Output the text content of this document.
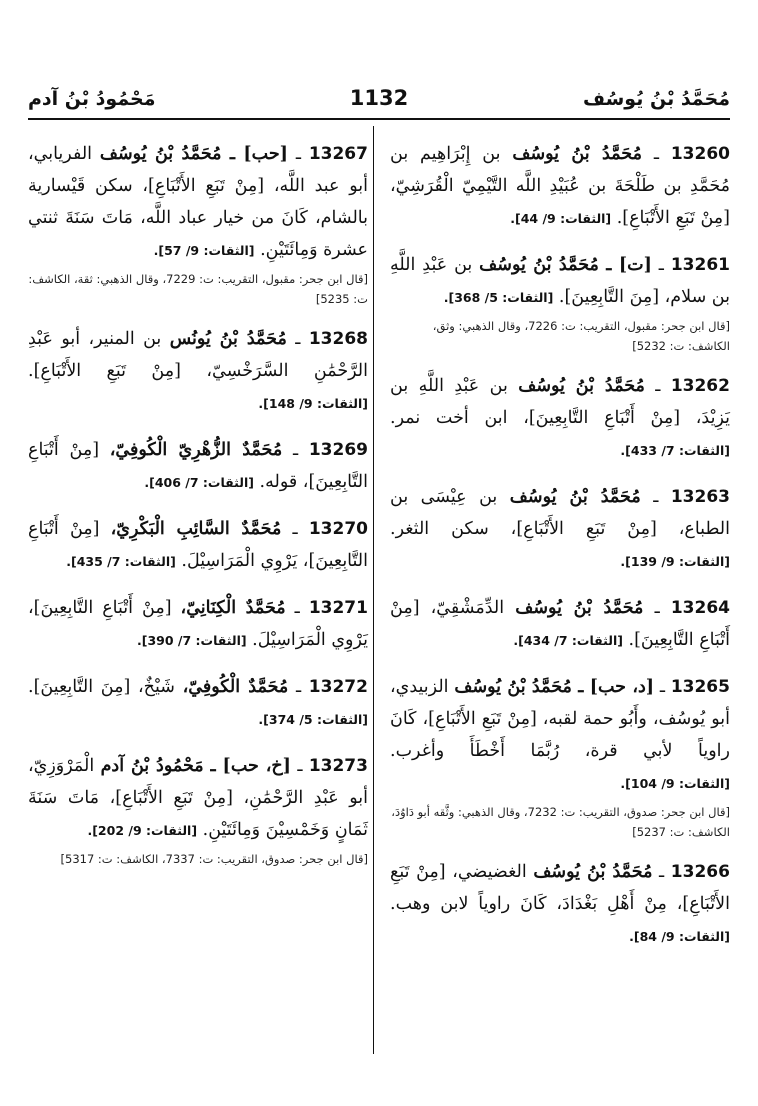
مُحَمَّدُ بْنُ يُوسُف
1132
مَحْمُودُ بْنُ آدم
13260 ـ مُحَمَّدُ بْنُ يُوسُف بن إِبْرَاهِيم بن مُحَمَّدِ بن طَلْحَةَ بن عُبَيْدِ اللَّه التَّيْمِيّ الْقُرَشِيّ، [مِنْ تَبَعِ الأَتْبَاعِ]. [الثقات: 9/ 44].
13261 ـ [ت] ـ مُحَمَّدُ بْنُ يُوسُف بن عَبْدِ اللَّهِ بن سلام، [مِنَ التَّابِعِينَ]. [الثقات: 5/ 368].
[قال ابن جحر: مقبول، التقريب: ت: 7226، وقال الذهبي: وثق، الكاشف: ت: 5232]
13262 ـ مُحَمَّدُ بْنُ يُوسُف بن عَبْدِ اللَّهِ بن يَزِيْدَ، [مِنْ أَتْبَاعِ التَّابِعِينَ]، ابن أخت نمر. [الثقات: 7/ 433].
13263 ـ مُحَمَّدُ بْنُ يُوسُف بن عِيْسَى بن الطباع، [مِنْ تَبَعِ الأَتْبَاعِ]، سكن الثغر. [الثقات: 9/ 139].
13264 ـ مُحَمَّدُ بْنُ يُوسُف الدِّمَشْقِيّ، [مِنْ أَتْبَاعِ التَّابِعِينَ]. [الثقات: 7/ 434].
13265 ـ [د، حب] ـ مُحَمَّدُ بْنُ يُوسُف الزبيدي، أبو يُوسُف، وأَبُو حمة لقبه، [مِنْ تَبَعِ الأَتْبَاعِ]، كَانَ راوياً لأبي قرة، رُبَّمَا أَخْطَأَ وأغرب. [الثقات: 9/ 104].
[قال ابن جحر: صدوق، التقريب: ت: 7232، وقال الذهبي: وثَّقه أبو دَاوُدَ، الكاشف: ت: 5237]
13266 ـ مُحَمَّدُ بْنُ يُوسُف الغضيضي، [مِنْ تَبَعِ الأَتْبَاعِ]، مِنْ أَهْلِ بَغْدَادَ، كَانَ راوياً لابن وهب. [الثقات: 9/ 84].
13267 ـ [حب] ـ مُحَمَّدُ بْنُ يُوسُف الفريابي، أبو عبد اللَّه، [مِنْ تَبَعِ الأَتْبَاعِ]، سكن قَيْسارية بالشام، كَانَ من خيار عباد اللَّه، مَاتَ سَنَةَ ثنتي عشرة وَمِائَتَيْنِ. [الثقات: 9/ 57].
[قال ابن جحر: مقبول، التقريب: ت: 7229، وقال الذهبي: ثقة، الكاشف: ت: 5235]
13268 ـ مُحَمَّدُ بْنُ يُونُس بن المنير، أبو عَبْدِ الرَّحْمَٰنِ السَّرَخْسِيّ، [مِنْ تَبَعِ الأَتْبَاعِ]. [الثقات: 9/ 148].
13269 ـ مُحَمَّدٌ الزُّهْرِيّ الْكُوفِيّ، [مِنْ أَتْبَاعِ التَّابِعِينَ]، قوله. [الثقات: 7/ 406].
13270 ـ مُحَمَّدٌ السَّائِبِ الْبَكْرِيّ، [مِنْ أَتْبَاعِ التَّابِعِينَ]، يَرْوِي الْمَرَاسِيْلَ. [الثقات: 7/ 435].
13271 ـ مُحَمَّدٌ الْكِنَانِيّ، [مِنْ أَتْبَاعِ التَّابِعِينَ]، يَرْوِي الْمَرَاسِيْلَ. [الثقات: 7/ 390].
13272 ـ مُحَمَّدٌ الْكُوفِيّ، شَيْخٌ، [مِنَ التَّابِعِينَ]. [الثقات: 5/ 374].
13273 ـ [خ، حب] ـ مَحْمُودُ بْنُ آدم الْمَرْوَزِيّ، أبو عَبْدِ الرَّحْمَٰنِ، [مِنْ تَبَعِ الأَتْبَاعِ]، مَاتَ سَنَةَ ثَمَانٍ وَخَمْسِيْنَ وَمِائَتَيْنِ. [الثقات: 9/ 202].
[قال ابن جحر: صدوق، التقريب: ت: 7337، الكاشف: ت: 5317]
